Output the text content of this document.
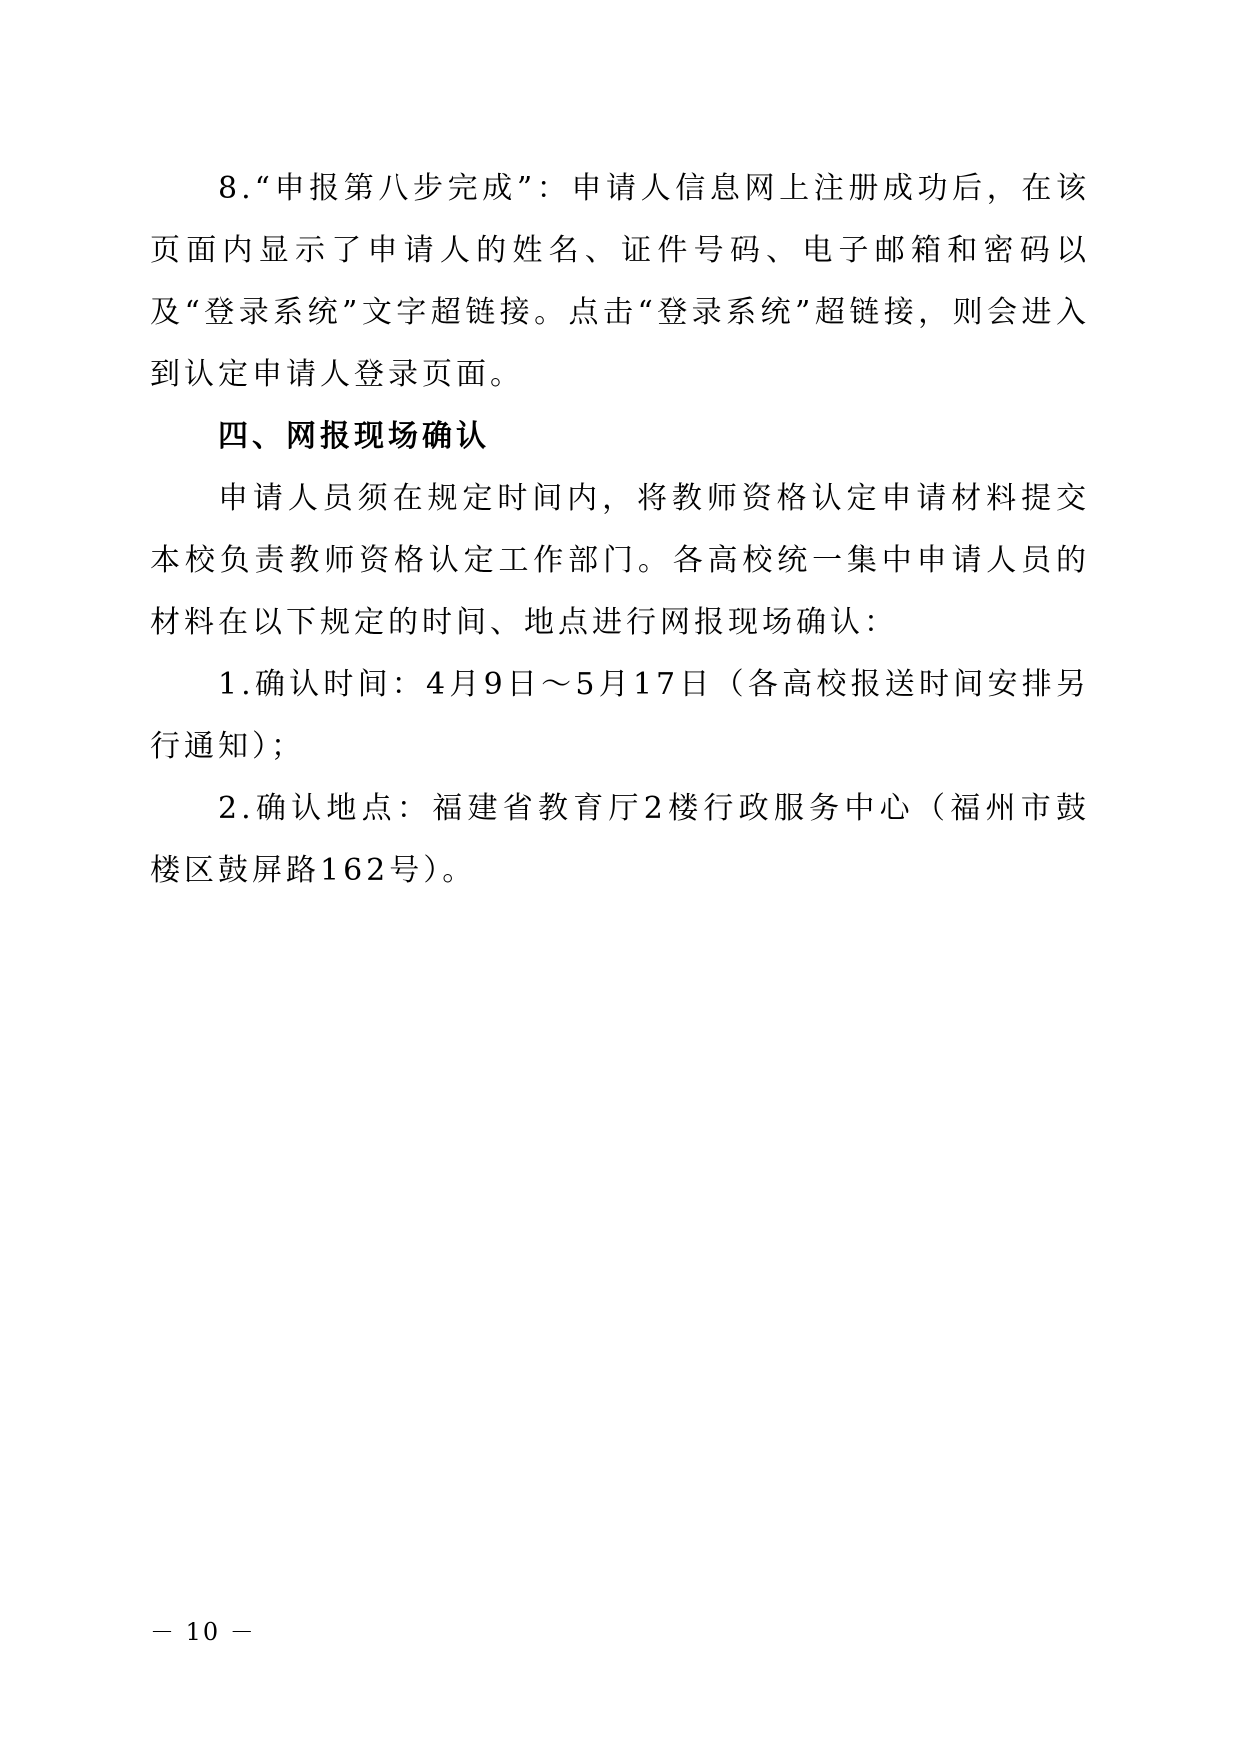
8.“申报第八步完成”：申请人信息网上注册成功后，在该页面内显示了申请人的姓名、证件号码、电子邮箱和密码以及“登录系统”文字超链接。点击“登录系统”超链接，则会进入到认定申请人登录页面。

四、网报现场确认

申请人员须在规定时间内，将教师资格认定申请材料提交本校负责教师资格认定工作部门。各高校统一集中申请人员的材料在以下规定的时间、地点进行网报现场确认：

1.确认时间：4月9日～5月17日（各高校报送时间安排另行通知）；

2.确认地点：福建省教育厅2楼行政服务中心（福州市鼓楼区鼓屏路162号）。

－ 10 －
